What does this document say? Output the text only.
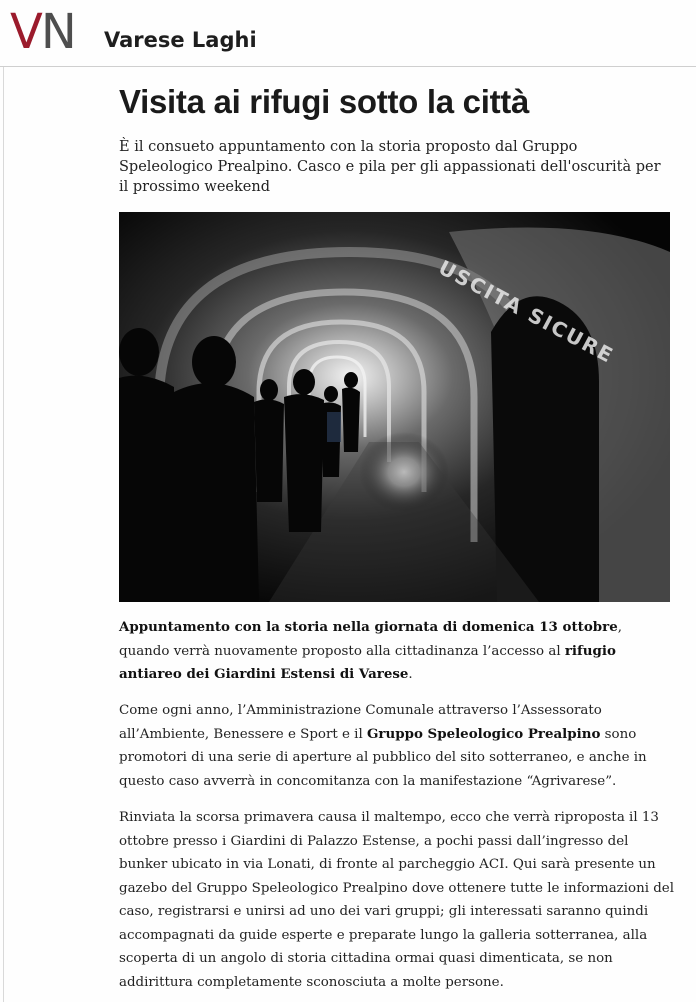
VN Varese Laghi
Visita ai rifugi sotto la città

È il consueto appuntamento con la storia proposto dal Gruppo Speleologico Prealpino. Casco e pila per gli appassionati dell'oscurità per il prossimo weekend

USCITA SICURE

Appuntamento con la storia nella giornata di domenica 13 ottobre, quando verrà nuovamente proposto alla cittadinanza l’accesso al rifugio antiareo dei Giardini Estensi di Varese.

Come ogni anno, l’Amministrazione Comunale attraverso l’Assessorato all’Ambiente, Benessere e Sport e il Gruppo Speleologico Prealpino sono promotori di una serie di aperture al pubblico del sito sotterraneo, e anche in questo caso avverrà in concomitanza con la manifestazione “Agrivarese”.

Rinviata la scorsa primavera causa il maltempo, ecco che verrà riproposta il 13 ottobre presso i Giardini di Palazzo Estense, a pochi passi dall’ingresso del bunker ubicato in via Lonati, di fronte al parcheggio ACI. Qui sarà presente un gazebo del Gruppo Speleologico Prealpino dove ottenere tutte le informazioni del caso, registrarsi e unirsi ad uno dei vari gruppi; gli interessati saranno quindi accompagnati da guide esperte e preparate lungo la galleria sotterranea, alla scoperta di un angolo di storia cittadina ormai quasi dimenticata, se non addirittura completamente sconosciuta a molte persone.
